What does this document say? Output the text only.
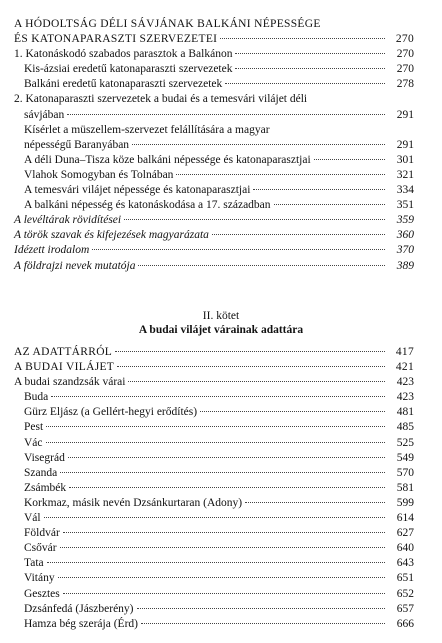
A HÓDOLTSÁG DÉLI SÁVJÁNAK BALKÁNI NÉPESSÉGE
ÉS KATONAPARASZTI SZERVEZETEI	270
1. Katonáskodó szabados parasztok a Balkánon	270
Kis-ázsiai eredetű katonaparaszti szervezetek	270
Balkáni eredetű katonaparaszti szervezetek	278
2. Katonaparaszti szervezetek a budai és a temesvári vilájet déli
sávjában	291
Kísérlet a müszellem-szervezet felállítására a magyar
népességű Baranyában	291
A déli Duna–Tisza köze balkáni népessége és katonaparasztjai	301
Vlahok Somogyban és Tolnában	321
A temesvári vilájet népessége és katonaparasztjai	334
A balkáni népesség és katonáskodása a 17. században	351
A levéltárak rövidítései	359
A török szavak és kifejezések magyarázata	360
Idézett irodalom	370
A földrajzi nevek mutatója	389
II. kötet
A budai vilájet várainak adattára
AZ ADATTÁRRÓL	417
A BUDAI VILÁJET	421
A budai szandzsák várai	423
Buda	423
Gürz Eljász (a Gellért-hegyi erődítés)	481
Pest	485
Vác	525
Visegrád	549
Szanda	570
Zsámbék	581
Korkmaz, másik nevén Dzsánkurtaran (Adony)	599
Vál	614
Földvár	627
Csővár	640
Tata	643
Vitány	651
Gesztes	652
Dzsánfedá (Jászberény)	657
Hamza bég szerája (Érd)	666
